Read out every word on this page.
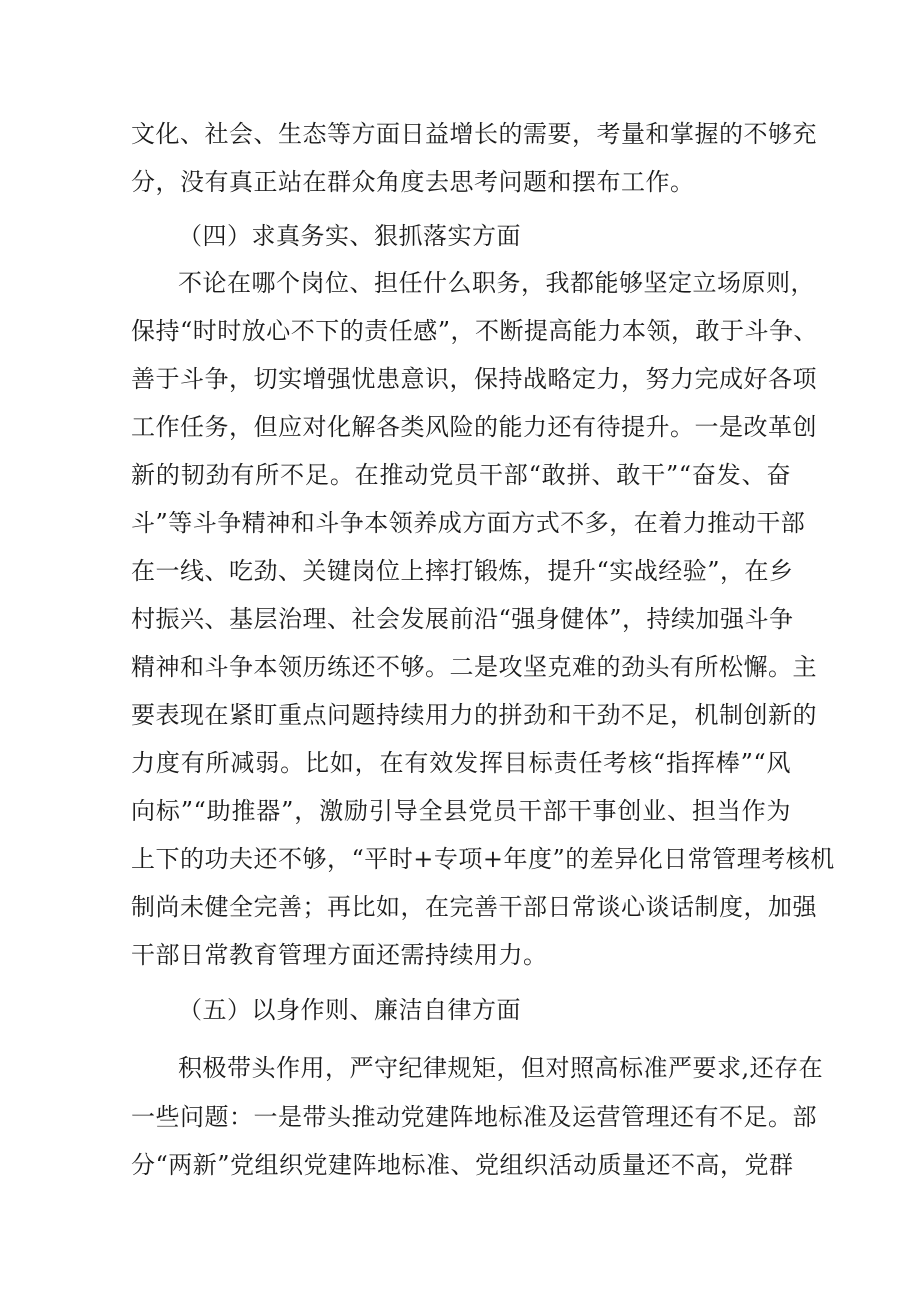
文化、社会、生态等方面日益增长的需要，考量和掌握的不够充
分，没有真正站在群众角度去思考问题和摆布工作。
（四）求真务实、狠抓落实方面
不论在哪个岗位、担任什么职务，我都能够坚定立场原则，
保持“时时放心不下的责任感”，不断提高能力本领，敢于斗争、
善于斗争，切实增强忧患意识，保持战略定力，努力完成好各项
工作任务，但应对化解各类风险的能力还有待提升。一是改革创
新的韧劲有所不足。在推动党员干部“敢拼、敢干”“奋发、奋
斗”等斗争精神和斗争本领养成方面方式不多，在着力推动干部
在一线、吃劲、关键岗位上摔打锻炼，提升“实战经验”，在乡
村振兴、基层治理、社会发展前沿“强身健体”，持续加强斗争
精神和斗争本领历练还不够。二是攻坚克难的劲头有所松懈。主
要表现在紧盯重点问题持续用力的拼劲和干劲不足，机制创新的
力度有所减弱。比如，在有效发挥目标责任考核“指挥棒”“风
向标”“助推器”，激励引导全县党员干部干事创业、担当作为
上下的功夫还不够，“平时+专项+年度”的差异化日常管理考核机
制尚未健全完善；再比如，在完善干部日常谈心谈话制度，加强
干部日常教育管理方面还需持续用力。
（五）以身作则、廉洁自律方面
积极带头作用，严守纪律规矩，但对照高标准严要求,还存在
一些问题：一是带头推动党建阵地标准及运营管理还有不足。部
分“两新”党组织党建阵地标准、党组织活动质量还不高，党群
